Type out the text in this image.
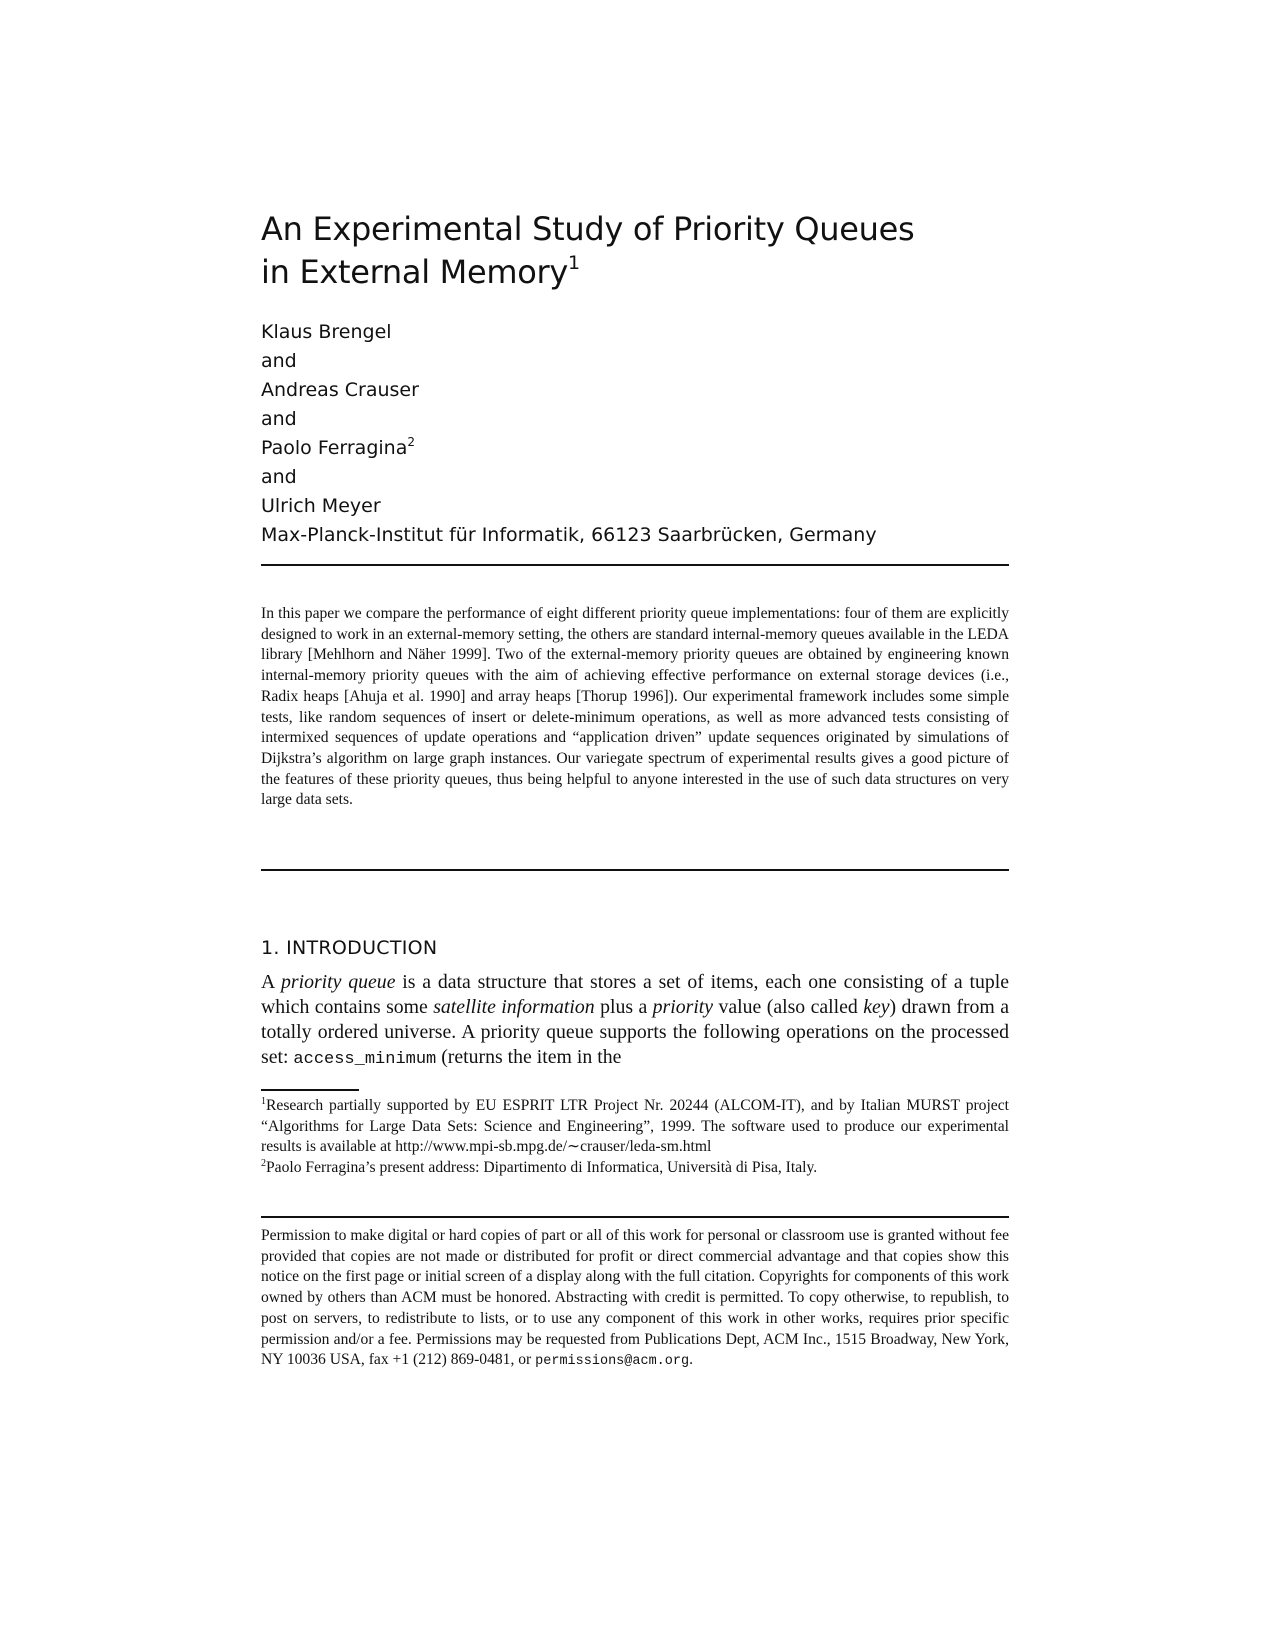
An Experimental Study of Priority Queues
in External Memory$^1$
Klaus Brengel
and
Andreas Crauser
and
Paolo Ferragina$^2$
and
Ulrich Meyer
Max-Planck-Institut für Informatik, 66123 Saarbrücken, Germany

In this paper we compare the performance of eight different priority queue implementations: four of them are explicitly designed to work in an external-memory setting, the others are standard internal-memory queues available in the LEDA library [Mehlhorn and Näher 1999]. Two of the external-memory priority queues are obtained by engineering known internal-memory priority queues with the aim of achieving effective performance on external storage devices (i.e., Radix heaps [Ahuja et al. 1990] and array heaps [Thorup 1996]). Our experimental framework includes some simple tests, like random sequences of insert or delete-minimum operations, as well as more advanced tests consisting of intermixed sequences of update operations and “application driven” update sequences originated by simulations of Dijkstra’s algorithm on large graph instances. Our variegate spectrum of experimental results gives a good picture of the features of these priority queues, thus being helpful to anyone interested in the use of such data structures on very large data sets.

1. INTRODUCTION

A priority queue is a data structure that stores a set of items, each one consisting of a tuple which contains some satellite information plus a priority value (also called key) drawn from a totally ordered universe. A priority queue supports the following operations on the processed set: access_minimum (returns the item in the

$^1$Research partially supported by EU ESPRIT LTR Project Nr. 20244 (ALCOM-IT), and by Italian MURST project “Algorithms for Large Data Sets: Science and Engineering”, 1999. The software used to produce our experimental results is available at http://www.mpi-sb.mpg.de/∼crauser/leda-sm.html

$^2$Paolo Ferragina’s present address: Dipartimento di Informatica, Università di Pisa, Italy.

Permission to make digital or hard copies of part or all of this work for personal or classroom use is granted without fee provided that copies are not made or distributed for profit or direct commercial advantage and that copies show this notice on the first page or initial screen of a display along with the full citation. Copyrights for components of this work owned by others than ACM must be honored. Abstracting with credit is permitted. To copy otherwise, to republish, to post on servers, to redistribute to lists, or to use any component of this work in other works, requires prior specific permission and/or a fee. Permissions may be requested from Publications Dept, ACM Inc., 1515 Broadway, New York, NY 10036 USA, fax +1 (212) 869-0481, or permissions@acm.org.
